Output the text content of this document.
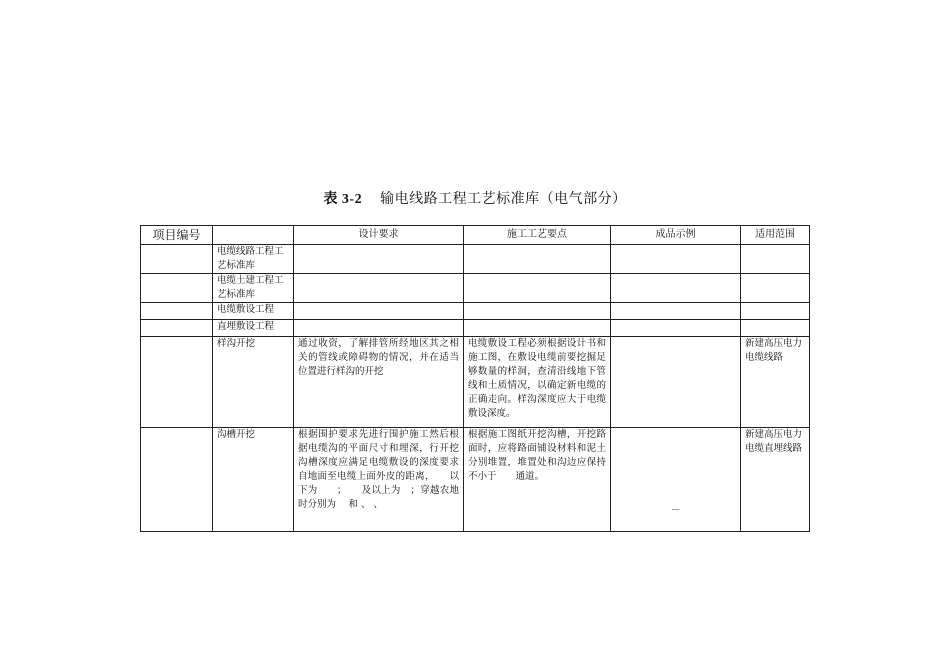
表 3-2 输电线路工程工艺标准库（电气部分）
项目编号		设计要求	施工工艺要点	成品示例	适用范围
	电缆线路工程工艺标准库				
	电缆土建工程工艺标准库				
	电缆敷设工程				
	直埋敷设工程				
	样沟开挖	通过收资，了解排管所经地区其之相关的管线或障碍物的情况，并在适当位置进行样沟的开挖	电缆敷设工程必须根据设计书和施工图，在敷设电缆前要挖掘足够数量的样洞，查清沿线地下管线和土质情况，以确定新电缆的正确走向。样沟深度应大于电缆敷设深度。		新建高压电力电缆线路
	沟槽开挖	根据围护要求先进行围护施工然后根据电缆沟的平面尺寸和埋深，行开挖沟槽深度应满足电缆敷设的深度要求自地面至电缆上面外皮的距离，　　以下为　　；　　及以上为　；穿越农地时分别为　 和 、 、	根据施工图纸开挖沟槽，开挖路面时，应将路面铺设材料和泥土分别堆置，堆置处和沟边应保持不小于　　通道。	－	新建高压电力电缆直埋线路
